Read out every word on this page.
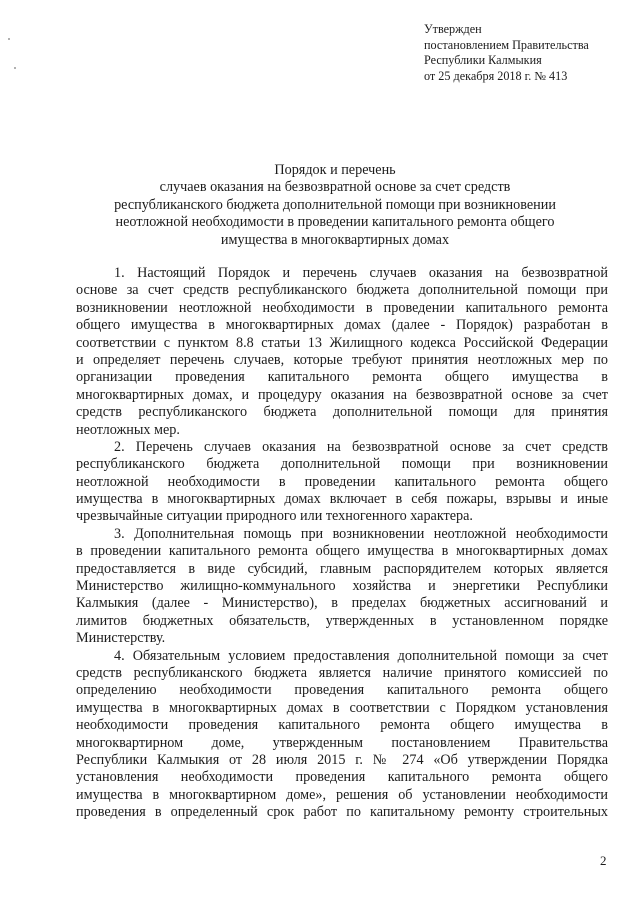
Утвержден
постановлением Правительства
Республики Калмыкия
от 25 декабря 2018 г. № 413
Порядок и перечень
случаев оказания на безвозвратной основе за счет средств
республиканского бюджета дополнительной помощи при возникновении
неотложной необходимости в проведении капитального ремонта общего
имущества в многоквартирных домах
1. Настоящий Порядок и перечень случаев оказания на безвозвратной
основе за счет средств республиканского бюджета дополнительной помощи при
возникновении неотложной необходимости в проведении капитального ремонта
общего имущества в многоквартирных домах (далее - Порядок) разработан в
соответствии с пунктом 8.8 статьи 13 Жилищного кодекса Российской Федерации
и определяет перечень случаев, которые требуют принятия неотложных мер по
организации проведения капитального ремонта общего имущества в
многоквартирных домах, и процедуру оказания на безвозвратной основе за счет
средств республиканского бюджета дополнительной помощи для принятия
неотложных мер.
2. Перечень случаев оказания на безвозвратной основе за счет средств
республиканского бюджета дополнительной помощи при возникновении
неотложной необходимости в проведении капитального ремонта общего
имущества в многоквартирных домах включает в себя пожары, взрывы и иные
чрезвычайные ситуации природного или техногенного характера.
3. Дополнительная помощь при возникновении неотложной необходимости
в проведении капитального ремонта общего имущества в многоквартирных домах
предоставляется в виде субсидий, главным распорядителем которых является
Министерство жилищно-коммунального хозяйства и энергетики Республики
Калмыкия (далее - Министерство), в пределах бюджетных ассигнований и
лимитов бюджетных обязательств, утвержденных в установленном порядке
Министерству.
4. Обязательным условием предоставления дополнительной помощи за счет
средств республиканского бюджета является наличие принятого комиссией по
определению необходимости проведения капитального ремонта общего
имущества в многоквартирных домах в соответствии с Порядком установления
необходимости проведения капитального ремонта общего имущества в
многоквартирном доме, утвержденным постановлением Правительства
Республики Калмыкия от 28 июля 2015 г. № 274 «Об утверждении Порядка
установления необходимости проведения капитального ремонта общего
имущества в многоквартирном доме», решения об установлении необходимости
проведения в определенный срок работ по капитальному ремонту строительных
2
